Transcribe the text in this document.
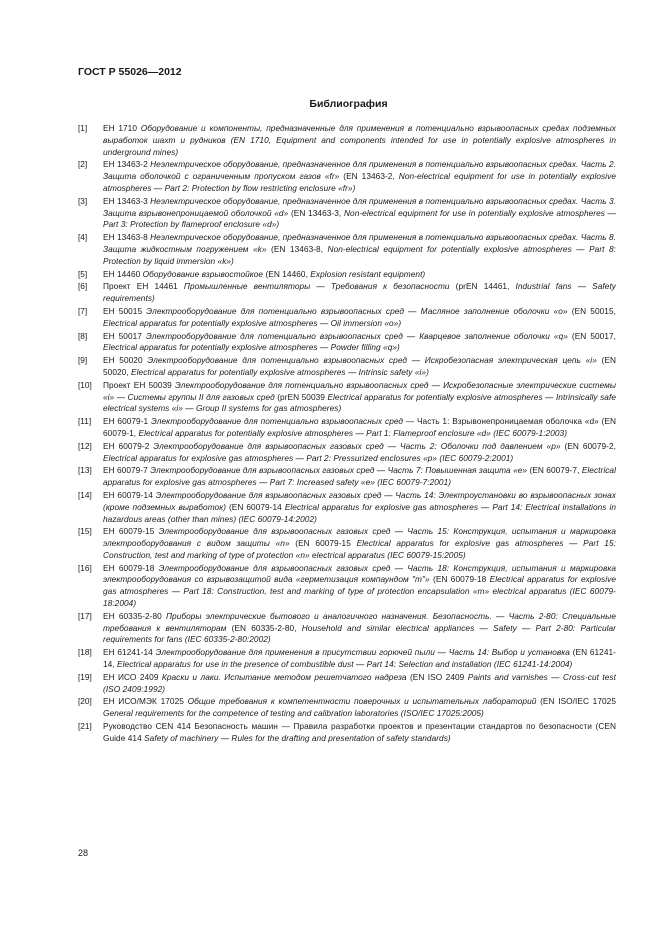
ГОСТ Р 55026—2012
Библиография
[1]	ЕН 1710 Оборудование и компоненты, предназначенные для применения в потенциально взрывоопасных средах подземных выработок шахт и рудников (EN 1710, Equipment and components intended for use in potentially explosive atmospheres in underground mines)
[2]	ЕН 13463-2 Неэлектрическое оборудование, предназначенное для применения в потенциально взрывоопасных средах. Часть 2. Защита оболочкой с ограниченным пропуском газов «fr» (EN 13463-2, Non-electrical equipment for use in potentially explosive atmospheres — Part 2: Protection by flow restricting enclosure «fr»)
[3]	ЕН 13463-3 Неэлектрическое оборудование, предназначенное для применения в потенциально взрывоопасных средах. Часть 3. Защита взрывонепроницаемой оболочкой «d» (EN 13463-3, Non-electrical equipment for use in potentially explosive atmospheres — Part 3: Protection by flameproof enclosure «d»)
[4]	ЕН 13463-8 Неэлектрическое оборудование, предназначенное для применения в потенциально взрывоопасных средах. Часть 8. Защита жидкостным погружением «k» (EN 13463-8, Non-electrical equipment for potentially explosive atmospheres — Part 8: Protection by liquid immersion «k»)
[5]	ЕН 14460 Оборудование взрывостойкое (EN 14460, Explosion resistant equipment)
[6]	Проект ЕН 14461 Промышленные вентиляторы — Требования к безопасности (prEN 14461, Industrial fans — Safety requirements)
[7]	ЕН 50015 Электрооборудование для потенциально взрывоопасных сред — Масляное заполнение оболочки «o» (EN 50015, Electrical apparatus for potentially explosive atmospheres — Oil immersion «o»)
[8]	ЕН 50017 Электрооборудование для потенциально взрывоопасных сред — Кварцевое заполнение оболочки «q» (EN 50017, Electrical apparatus for potentially explosive atmospheres — Powder filling «q»)
[9]	ЕН 50020 Электрооборудование для потенциально взрывоопасных сред — Искробезопасная электрическая цепь «i» (EN 50020, Electrical apparatus for potentially explosive atmospheres — Intrinsic safety «i»)
[10]	Проект ЕН 50039 Электрооборудование для потенциально взрывоопасных сред — Искробезопасные электрические системы «i» — Системы группы II для газовых сред (prEN 50039 Electrical apparatus for potentially explosive atmospheres — Intrinsically safe electrical systems «i» — Group II systems for gas atmospheres)
[11]	ЕН 60079-1 Электрооборудование для потенциально взрывоопасных сред — Часть 1: Взрывонепроницаемая оболочка «d» (EN 60079-1, Electrical apparatus for potentially explosive atmospheres — Part 1: Flameproof enclosure «d» (IEC 60079-1:2003)
[12]	ЕН 60079-2 Электрооборудование для взрывоопасных газовых сред — Часть 2: Оболочки под давлением «p» (EN 60079-2, Electrical apparatus for explosive gas atmospheres — Part 2: Pressurized enclosures «p» (IEC 60079-2:2001)
[13]	ЕН 60079-7 Электрооборудование для взрывоопасных газовых сред — Часть 7: Повышенная защита «e» (EN 60079-7, Electrical apparatus for explosive gas atmospheres — Part 7: Increased safety «e» (IEC 60079-7:2001)
[14]	ЕН 60079-14 Электрооборудование для взрывоопасных газовых сред — Часть 14: Электроустановки во взрывоопасных зонах (кроме подземных выработок) (EN 60079-14 Electrical apparatus for explosive gas atmospheres — Part 14: Electrical installations in hazardous areas (other than mines) (IEC 60079-14:2002)
[15]	ЕН 60079-15 Электрооборудование для взрывоопасных газовых сред — Часть 15: Конструкция, испытания и маркировка электрооборудования с видом защиты «n» (EN 60079-15 Electrical apparatus for explosive gas atmospheres — Part 15: Construction, test and marking of type of protection «n» electrical apparatus (IEC 60079-15:2005)
[16]	ЕН 60079-18 Электрооборудование для взрывоопасных газовых сред — Часть 18: Конструкция, испытания и маркировка электрооборудования со взрывозащитой вида «герметизация компаундом "m"» (EN 60079-18 Electrical apparatus for explosive gas atmospheres — Part 18: Construction, test and marking of type of protection encapsulation «m» electrical apparatus (IEC 60079-18:2004)
[17]	ЕН 60335-2-80 Приборы электрические бытового и аналогичного назначения. Безопасность. — Часть 2-80: Специальные требования к вентиляторам (EN 60335-2-80, Household and similar electrical appliances — Safety — Part 2-80: Particular requirements for fans (IEC 60335-2-80:2002)
[18]	ЕН 61241-14 Электрооборудование для применения в присутствии горючей пыли — Часть 14: Выбор и установка (EN 61241-14, Electrical apparatus for use in the presence of combustible dust — Part 14: Selection and installation (IEC 61241-14:2004)
[19]	ЕН ИСО 2409 Краски и лаки. Испытание методом решетчатого надреза (EN ISO 2409 Paints and varnishes — Cross-cut test (ISO 2409:1992)
[20]	ЕН ИСО/МЭК 17025 Общие требования к компетентности поверочных и испытательных лабораторий (EN ISO/IEC 17025 General requirements for the competence of testing and calibration laboratories (ISO/IEC 17025:2005)
[21]	Руководство CEN 414 Безопасность машин — Правила разработки проектов и презентации стандартов по безопасности (CEN Guide 414 Safety of machinery — Rules for the drafting and presentation of safety standards)
28
